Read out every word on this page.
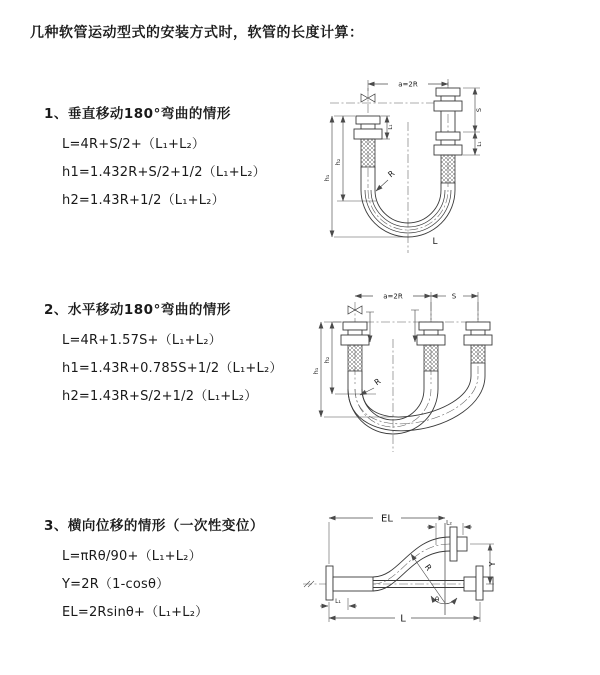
几种软管运动型式的安装方式时，软管的长度计算：
1、垂直移动180°弯曲的情形
L=4R+S/2+（L₁+L₂）
h1=1.432R+S/2+1/2（L₁+L₂）
h2=1.43R+1/2（L₁+L₂）
a=2R
h₁
h₂
L₁
S
L₁
R
L
2、水平移动180°弯曲的情形
L=4R+1.57S+（L₁+L₂）
h1=1.43R+0.785S+1/2（L₁+L₂）
h2=1.43R+S/2+1/2（L₁+L₂）
a=2R	S
h₁
h₂
R
3、横向位移的情形（一次性变位）
L=πRθ/90+（L₁+L₂）
Y=2R（1-cosθ）
EL=2Rsinθ+（L₁+L₂）
EL	L₂
Y
R
θ
L₁
L
